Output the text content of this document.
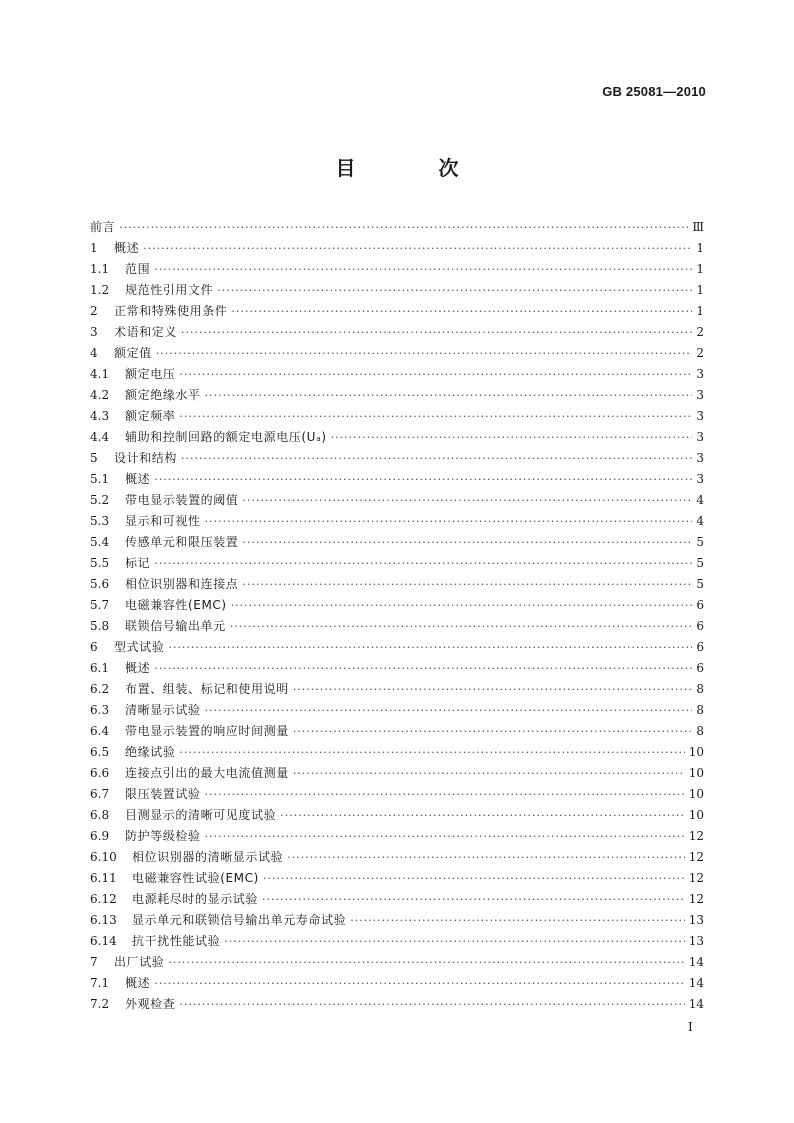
GB 25081—2010
目 次
前言 ·····	Ⅲ
1 概述 ·····	1
1.1 范围 ·····	1
1.2 规范性引用文件 ·····	1
2 正常和特殊使用条件 ·····	1
3 术语和定义 ·····	2
4 额定值 ·····	2
4.1 额定电压 ·····	3
4.2 额定绝缘水平 ·····	3
4.3 额定频率 ·····	3
4.4 辅助和控制回路的额定电源电压(Uₐ) ·····	3
5 设计和结构 ·····	3
5.1 概述 ·····	3
5.2 带电显示装置的阈值 ·····	4
5.3 显示和可视性 ·····	4
5.4 传感单元和限压装置 ·····	5
5.5 标记 ·····	5
5.6 相位识别器和连接点 ·····	5
5.7 电磁兼容性(EMC) ·····	6
5.8 联锁信号输出单元 ·····	6
6 型式试验 ·····	6
6.1 概述 ·····	6
6.2 布置、组装、标记和使用说明 ·····	8
6.3 清晰显示试验 ·····	8
6.4 带电显示装置的响应时间测量 ·····	8
6.5 绝缘试验 ·····	10
6.6 连接点引出的最大电流值测量 ·····	10
6.7 限压装置试验 ·····	10
6.8 目测显示的清晰可见度试验 ·····	10
6.9 防护等级检验 ·····	12
6.10 相位识别器的清晰显示试验 ·····	12
6.11 电磁兼容性试验(EMC) ·····	12
6.12 电源耗尽时的显示试验 ·····	12
6.13 显示单元和联锁信号输出单元寿命试验 ·····	13
6.14 抗干扰性能试验 ·····	13
7 出厂试验 ·····	14
7.1 概述 ·····	14
7.2 外观检查 ·····	14
I
